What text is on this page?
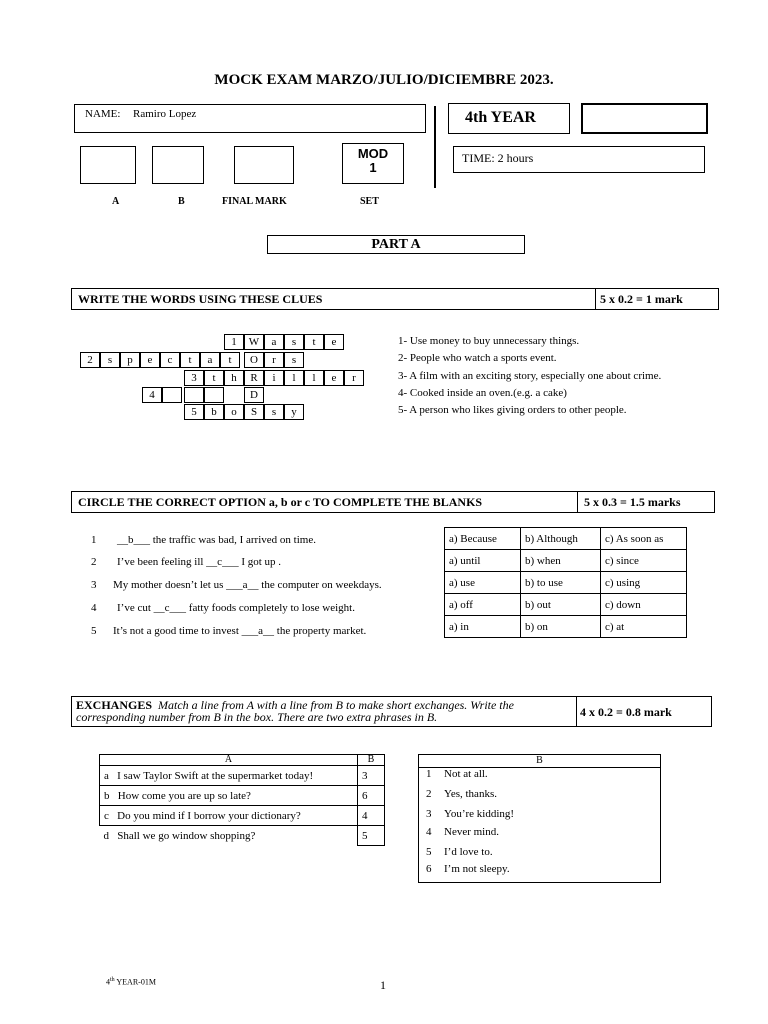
MOCK EXAM MARZO/JULIO/DICIEMBRE 2023.
NAME: Ramiro Lopez	4th YEAR
MOD
1
TIME: 2 hours
A	B	FINAL MARK	SET
PART A
WRITE THE WORDS USING THESE CLUES	5 x 0.2 = 1 mark
1	W	a	s	t	e
2	s	p	e	c	t	a	t	O	r	s
3	t	h	R	i	l	l	e	r
4	D
5	b	o	S	s	y
1- Use money to buy unnecessary things.
2- People who watch a sports event.
3- A film with an exciting story, especially one about crime.
4- Cooked inside an oven.(e.g. a cake)
5- A person who likes giving orders to other people.
CIRCLE THE CORRECT OPTION a, b or c TO COMPLETE THE BLANKS	5 x 0.3 = 1.5 marks
1 __b___ the traffic was bad, I arrived on time.
2 I’ve been feeling ill __c___ I got up .
3 My mother doesn’t let us ___a__ the computer on weekdays.
4 I’ve cut __c___ fatty foods completely to lose weight.
5 It’s not a good time to invest ___a__ the property market.
a) Because	b) Although	c) As soon as
a) until	b) when	c) since
a) use	b) to use	c) using
a) off	b) out	c) down
a) in	b) on	c) at
EXCHANGES Match a line from A with a line from B to make short exchanges. Write the corresponding number from B in the box. There are two extra phrases in B.	4 x 0.2 = 0.8 mark
A	B
a I saw Taylor Swift at the supermarket today!	3
b How come you are up so late?	6
c Do you mind if I borrow your dictionary?	4
d Shall we go window shopping?	5
B
1 Not at all.
2 Yes, thanks.
3 You’re kidding!
4 Never mind.
5 I’d love to.
6 I’m not sleepy.
4th YEAR-01M	1
